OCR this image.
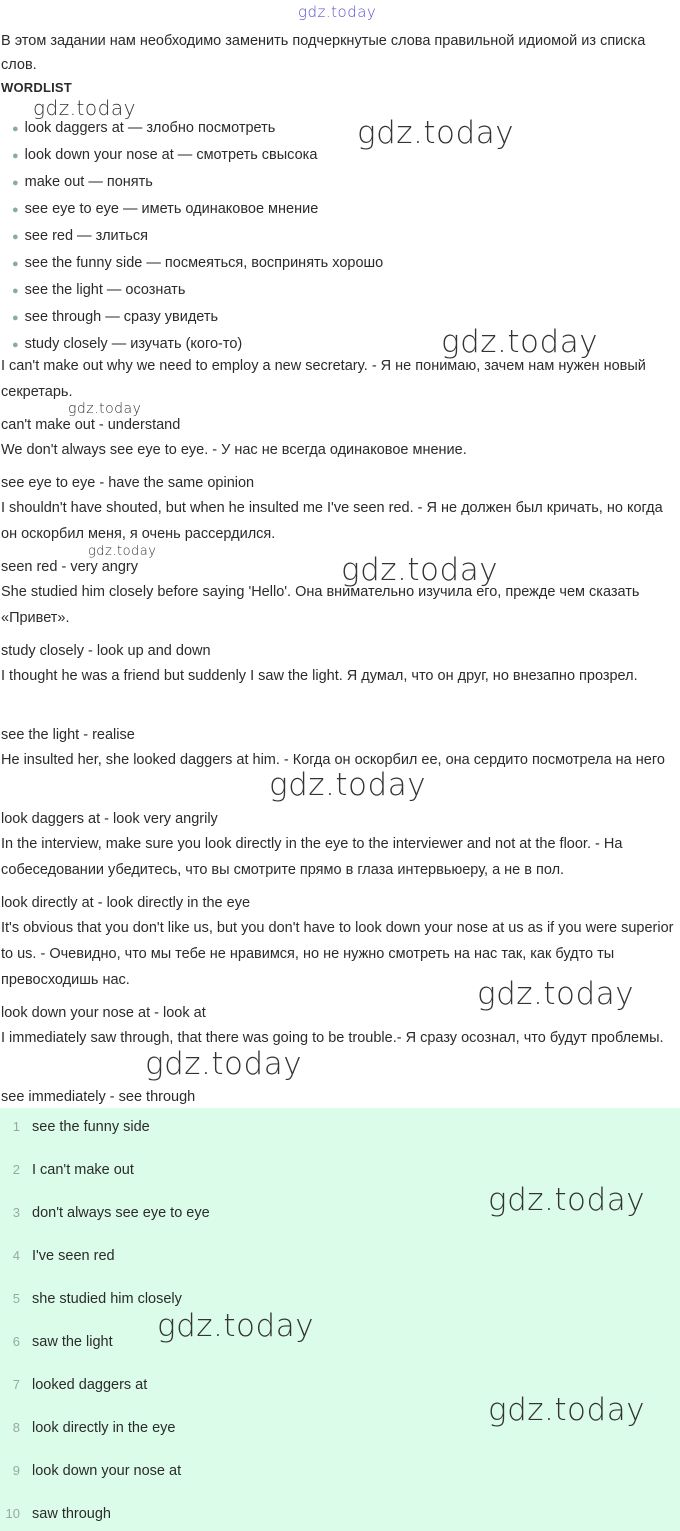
gdz.today
gdz.today
gdz.today
gdz.today
gdz.today
gdz.today
gdz.today
gdz.today
gdz.today
gdz.today
В этом задании нам необходимо заменить подчеркнутые слова правильной идиомой из списка слов.
WORDLIST
● look daggers at — злобно посмотреть
● look down your nose at — смотреть свысока
● make out — понять
● see eye to eye — иметь одинаковое мнение
● see red — злиться
● see the funny side — посмеяться, воспринять хорошо
● see the light — осознать
● see through — сразу увидеть
● study closely — изучать (кого-то)
I can't make out why we need to employ a new secretary. - Я не понимаю, зачем нам нужен новый секретарь.
can't make out - understand
We don't always see eye to eye. - У нас не всегда одинаковое мнение.
see eye to eye - have the same opinion
I shouldn't have shouted, but when he insulted me I've seen red. - Я не должен был кричать, но когда он оскорбил меня, я очень рассердился.
seen red - very angry
She studied him closely before saying 'Hello'. Она внимательно изучила его, прежде чем сказать «Привет».
study closely - look up and down
I thought he was a friend but suddenly I saw the light. Я думал, что он друг, но внезапно прозрел.
see the light - realise
He insulted her, she looked daggers at him. - Когда он оскорбил ее, она сердито посмотрела на него
look daggers at - look very angrily
In the interview, make sure you look directly in the eye to the interviewer and not at the floor. - На собеседовании убедитесь, что вы смотрите прямо в глаза интервьюеру, а не в пол.
look directly at - look directly in the eye
It's obvious that you don't like us, but you don't have to look down your nose at us as if you were superior to us. - Очевидно, что мы тебе не нравимся, но не нужно смотреть на нас так, как будто ты превосходишь нас.
look down your nose at - look at
I immediately saw through, that there was going to be trouble.- Я сразу осознал, что будут проблемы.
see immediately - see through
1 see the funny side
2 I can't make out
3 don't always see eye to eye
4 I've seen red
5 she studied him closely
6 saw the light
7 looked daggers at
8 look directly in the eye
9 look down your nose at
10 saw through
gdz.today
gdz.today
gdz.today
